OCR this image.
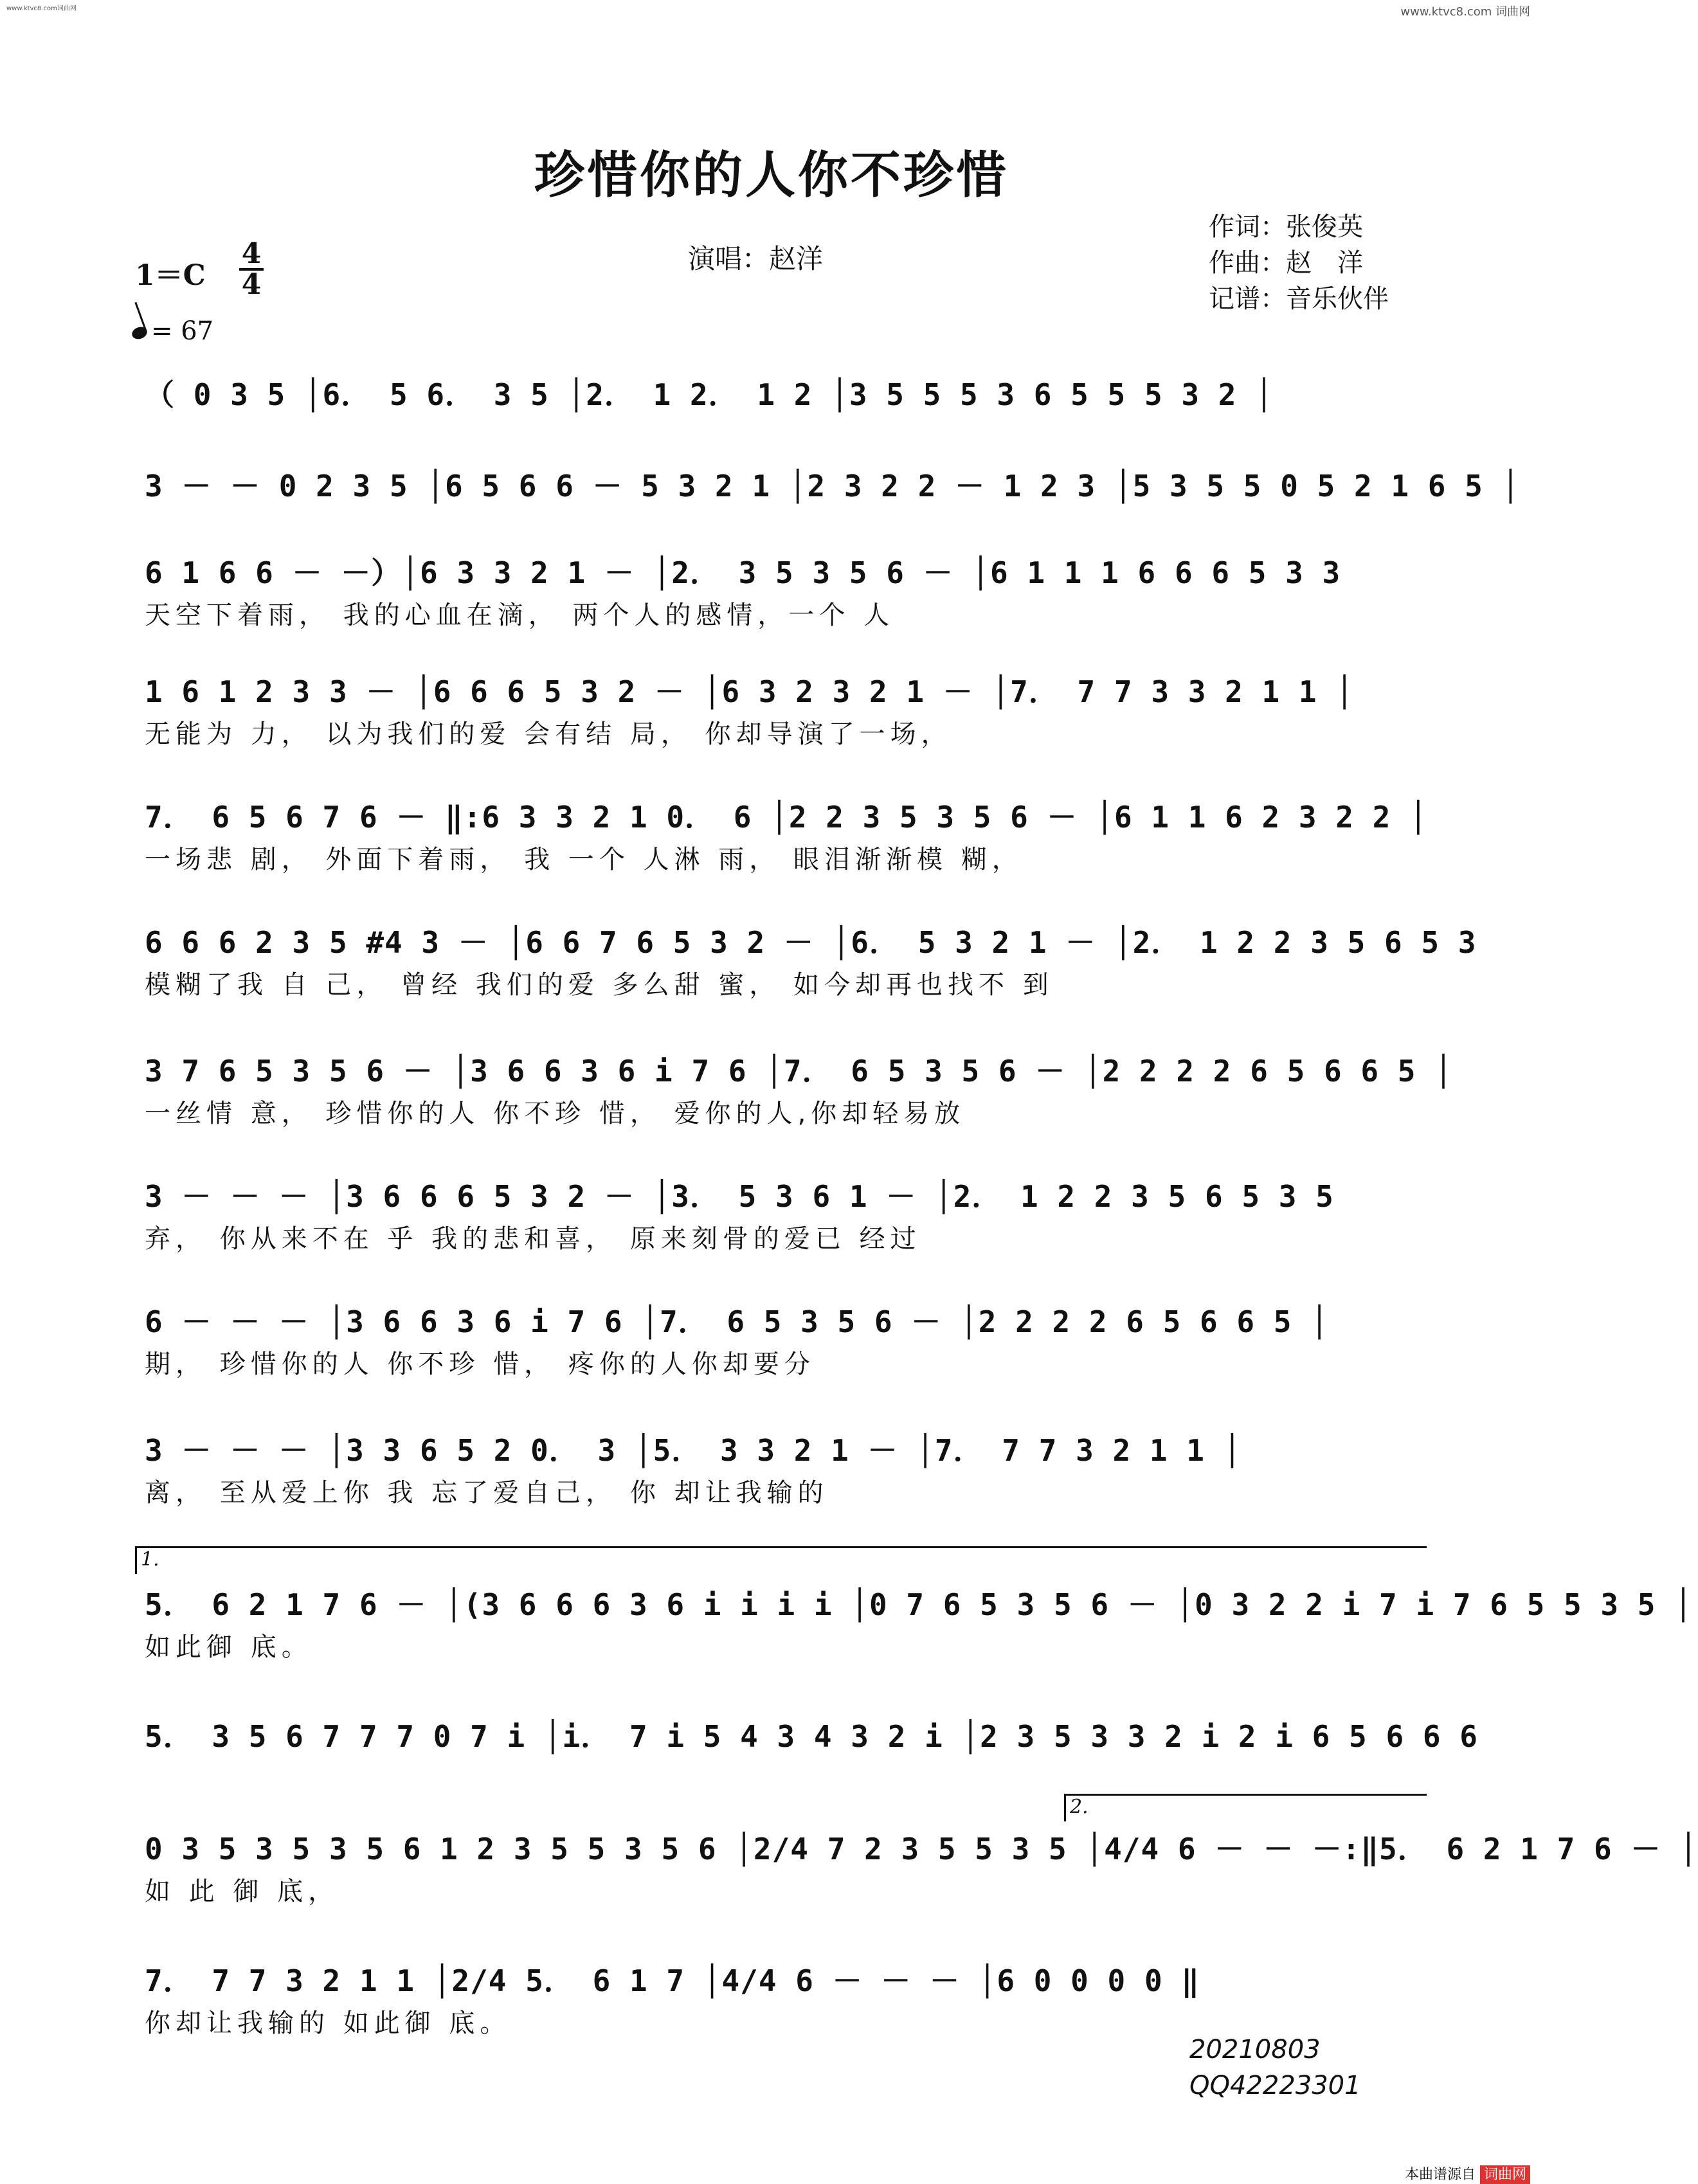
www.ktvc8.com词曲网	www.ktvc8.com 词曲网
珍惜你的人你不珍惜
演唱：赵洋
作词：张俊英
作曲：赵　洋
记谱：音乐伙伴
1＝C
4
4
= 67
（ 0 3 5 │6． 5 6． 3 5 │2． 1 2． 1 2 │3 5 5 5 3 6 5 5 5 3 2 │
3 － － 0 2 3 5 │6 5 6 6 － 5 3 2 1 │2 3 2 2 － 1 2 3 │5 3 5 5 0 5 2 1 6 5 │
6 1 6 6 － －）│6 3 3 2 1 － │2． 3 5 3 5 6 － │6 1 1 1 6 6 6 5 3 3
天空下着雨， 我的心血在滴， 两个人的感情，一个 人
1 6 1 2 3 3 － │6 6 6 5 3 2 － │6 3 2 3 2 1 － │7． 7 7 3 3 2 1 1 │
无能为 力， 以为我们的爱 会有结 局， 你却导演了一场，
7． 6 5 6 7 6 － ‖:6 3 3 2 1 0． 6 │2 2 3 5 3 5 6 － │6 1 1 6 2 3 2 2 │
一场悲 剧， 外面下着雨， 我 一个 人淋 雨， 眼泪渐渐模 糊，
6 6 6 2 3 5 #4 3 － │6 6 7 6 5 3 2 － │6． 5 3 2 1 － │2． 1 2 2 3 5 6 5 3
模糊了我 自 己， 曾经 我们的爱 多么甜 蜜， 如今却再也找不 到
3 7 6 5 3 5 6 － │3 6 6 3 6 i 7 6 │7． 6 5 3 5 6 － │2 2 2 2 6 5 6 6 5 │
一丝情 意， 珍惜你的人 你不珍 惜， 爱你的人,你却轻易放
3 － － － │3 6 6 6 5 3 2 － │3． 5 3 6 1 － │2． 1 2 2 3 5 6 5 3 5
弃， 你从来不在 乎 我的悲和喜， 原来刻骨的爱已 经过
6 － － － │3 6 6 3 6 i 7 6 │7． 6 5 3 5 6 － │2 2 2 2 6 5 6 6 5 │
期， 珍惜你的人 你不珍 惜， 疼你的人你却要分
3 － － － │3 3 6 5 2 0． 3 │5． 3 3 2 1 － │7． 7 7 3 2 1 1 │
离， 至从爱上你 我 忘了爱自己， 你 却让我输的
1.
5． 6 2 1 7 6 － │(3 6 6 6 3 6 i i i i │0 7 6 5 3 5 6 － │0 3 2 2 i 7 i 7 6 5 5 3 5 │
如此御 底。
5． 3 5 6 7 7 7 0 7 i │i． 7 i 5 4 3 4 3 2 i │2 3 5 3 3 2 i 2 i 6 5 6 6 6
2.
0 3 5 3 5 3 5 6 1 2 3 5 5 3 5 6 │2/4 7 2 3 5 5 3 5 │4/4 6 － － －:‖5． 6 2 1 7 6 － │
如 此 御 底，
7． 7 7 3 2 1 1 │2/4 5． 6 1 7 │4/4 6 － － － │6 0 0 0 0 ‖
你却让我输的 如此御 底。
20210803
QQ42223301
本曲谱源自 词曲网
